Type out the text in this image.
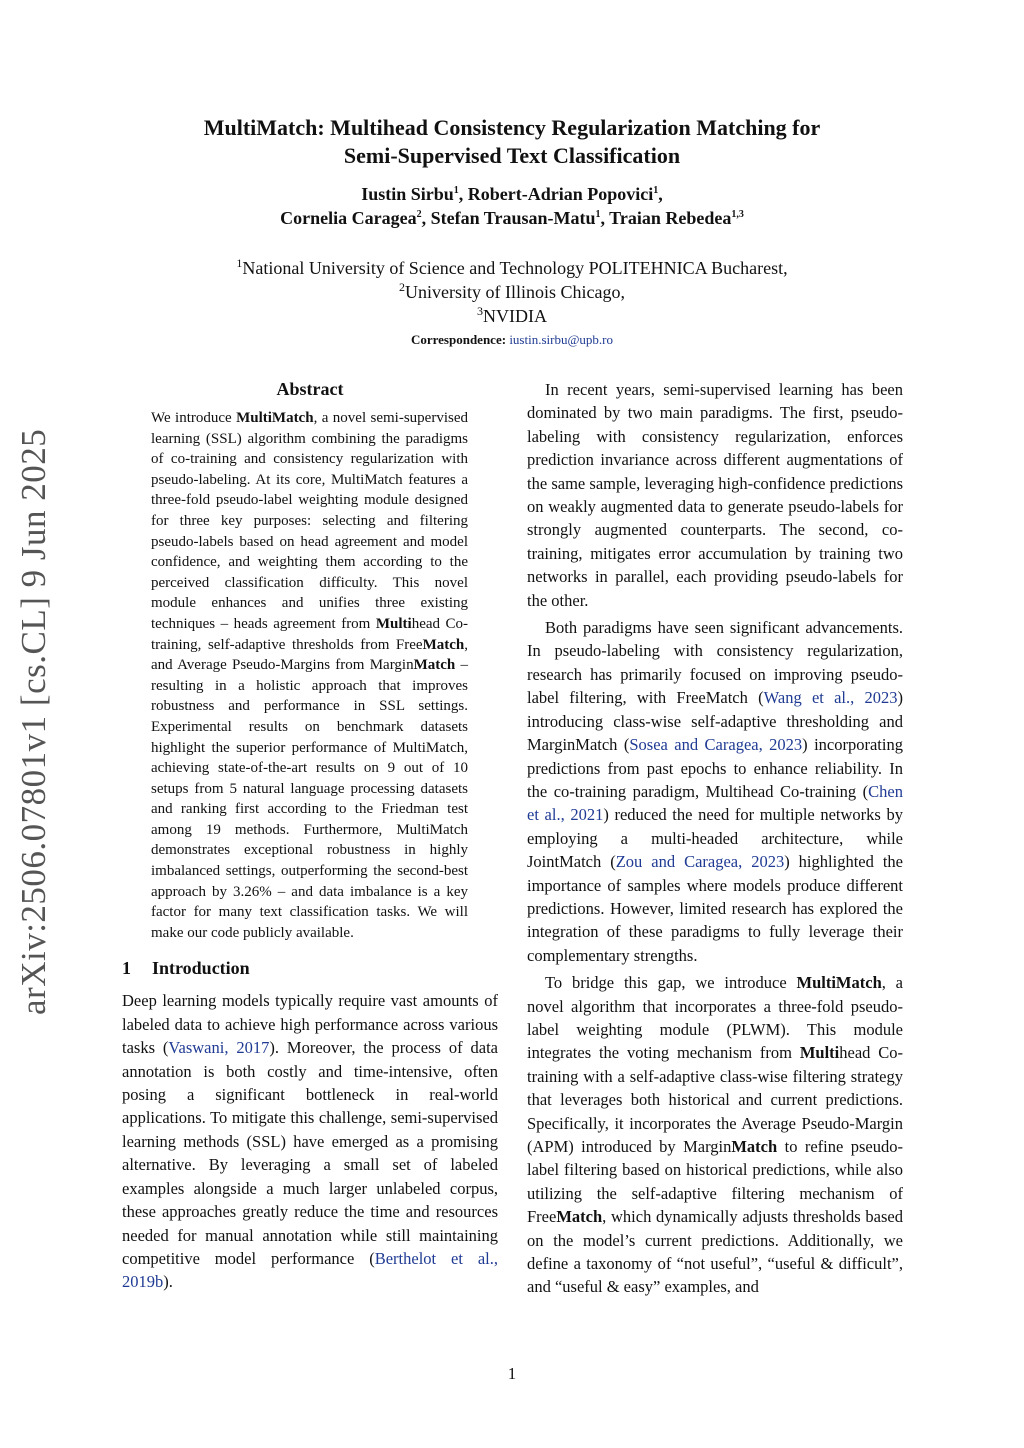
arXiv:2506.07801v1 [cs.CL] 9 Jun 2025
MultiMatch: Multihead Consistency Regularization Matching for
Semi-Supervised Text Classification
Iustin Sirbu$^1$, Robert-Adrian Popovici$^1$,
Cornelia Caragea$^2$, Stefan Trausan-Matu$^1$, Traian Rebedea$^{1,3}$
$^1$National University of Science and Technology POLITEHNICA Bucharest,
$^2$University of Illinois Chicago,
$^3$NVIDIA
Correspondence: iustin.sirbu@upb.ro
Abstract

We introduce MultiMatch, a novel semi-supervised learning (SSL) algorithm combining the paradigms of co-training and consistency regularization with pseudo-labeling. At its core, MultiMatch features a three-fold pseudo-label weighting module designed for three key purposes: selecting and filtering pseudo-labels based on head agreement and model confidence, and weighting them according to the perceived classification difficulty. This novel module enhances and unifies three existing techniques – heads agreement from Multihead Co-training, self-adaptive thresholds from FreeMatch, and Average Pseudo-Margins from MarginMatch – resulting in a holistic approach that improves robustness and performance in SSL settings. Experimental results on benchmark datasets highlight the superior performance of MultiMatch, achieving state-of-the-art results on 9 out of 10 setups from 5 natural language processing datasets and ranking first according to the Friedman test among 19 methods. Furthermore, MultiMatch demonstrates exceptional robustness in highly imbalanced settings, outperforming the second-best approach by 3.26% – and data imbalance is a key factor for many text classification tasks. We will make our code publicly available.

1 Introduction

Deep learning models typically require vast amounts of labeled data to achieve high performance across various tasks (Vaswani, 2017). Moreover, the process of data annotation is both costly and time-intensive, often posing a significant bottleneck in real-world applications. To mitigate this challenge, semi-supervised learning methods (SSL) have emerged as a promising alternative. By leveraging a small set of labeled examples alongside a much larger unlabeled corpus, these approaches greatly reduce the time and resources needed for manual annotation while still maintaining competitive model performance (Berthelot et al., 2019b).

In recent years, semi-supervised learning has been dominated by two main paradigms. The first, pseudo-labeling with consistency regularization, enforces prediction invariance across different augmentations of the same sample, leveraging high-confidence predictions on weakly augmented data to generate pseudo-labels for strongly augmented counterparts. The second, co-training, mitigates error accumulation by training two networks in parallel, each providing pseudo-labels for the other.

Both paradigms have seen significant advancements. In pseudo-labeling with consistency regularization, research has primarily focused on improving pseudo-label filtering, with FreeMatch (Wang et al., 2023) introducing class-wise self-adaptive thresholding and MarginMatch (Sosea and Caragea, 2023) incorporating predictions from past epochs to enhance reliability. In the co-training paradigm, Multihead Co-training (Chen et al., 2021) reduced the need for multiple networks by employing a multi-headed architecture, while JointMatch (Zou and Caragea, 2023) highlighted the importance of samples where models produce different predictions. However, limited research has explored the integration of these paradigms to fully leverage their complementary strengths.

To bridge this gap, we introduce MultiMatch, a novel algorithm that incorporates a three-fold pseudo-label weighting module (PLWM). This module integrates the voting mechanism from Multihead Co-training with a self-adaptive class-wise filtering strategy that leverages both historical and current predictions. Specifically, it incorporates the Average Pseudo-Margin (APM) introduced by MarginMatch to refine pseudo-label filtering based on historical predictions, while also utilizing the self-adaptive filtering mechanism of FreeMatch, which dynamically adjusts thresholds based on the model’s current predictions. Additionally, we define a taxonomy of “not useful”, “useful & difficult”, and “useful & easy” examples, and

1
